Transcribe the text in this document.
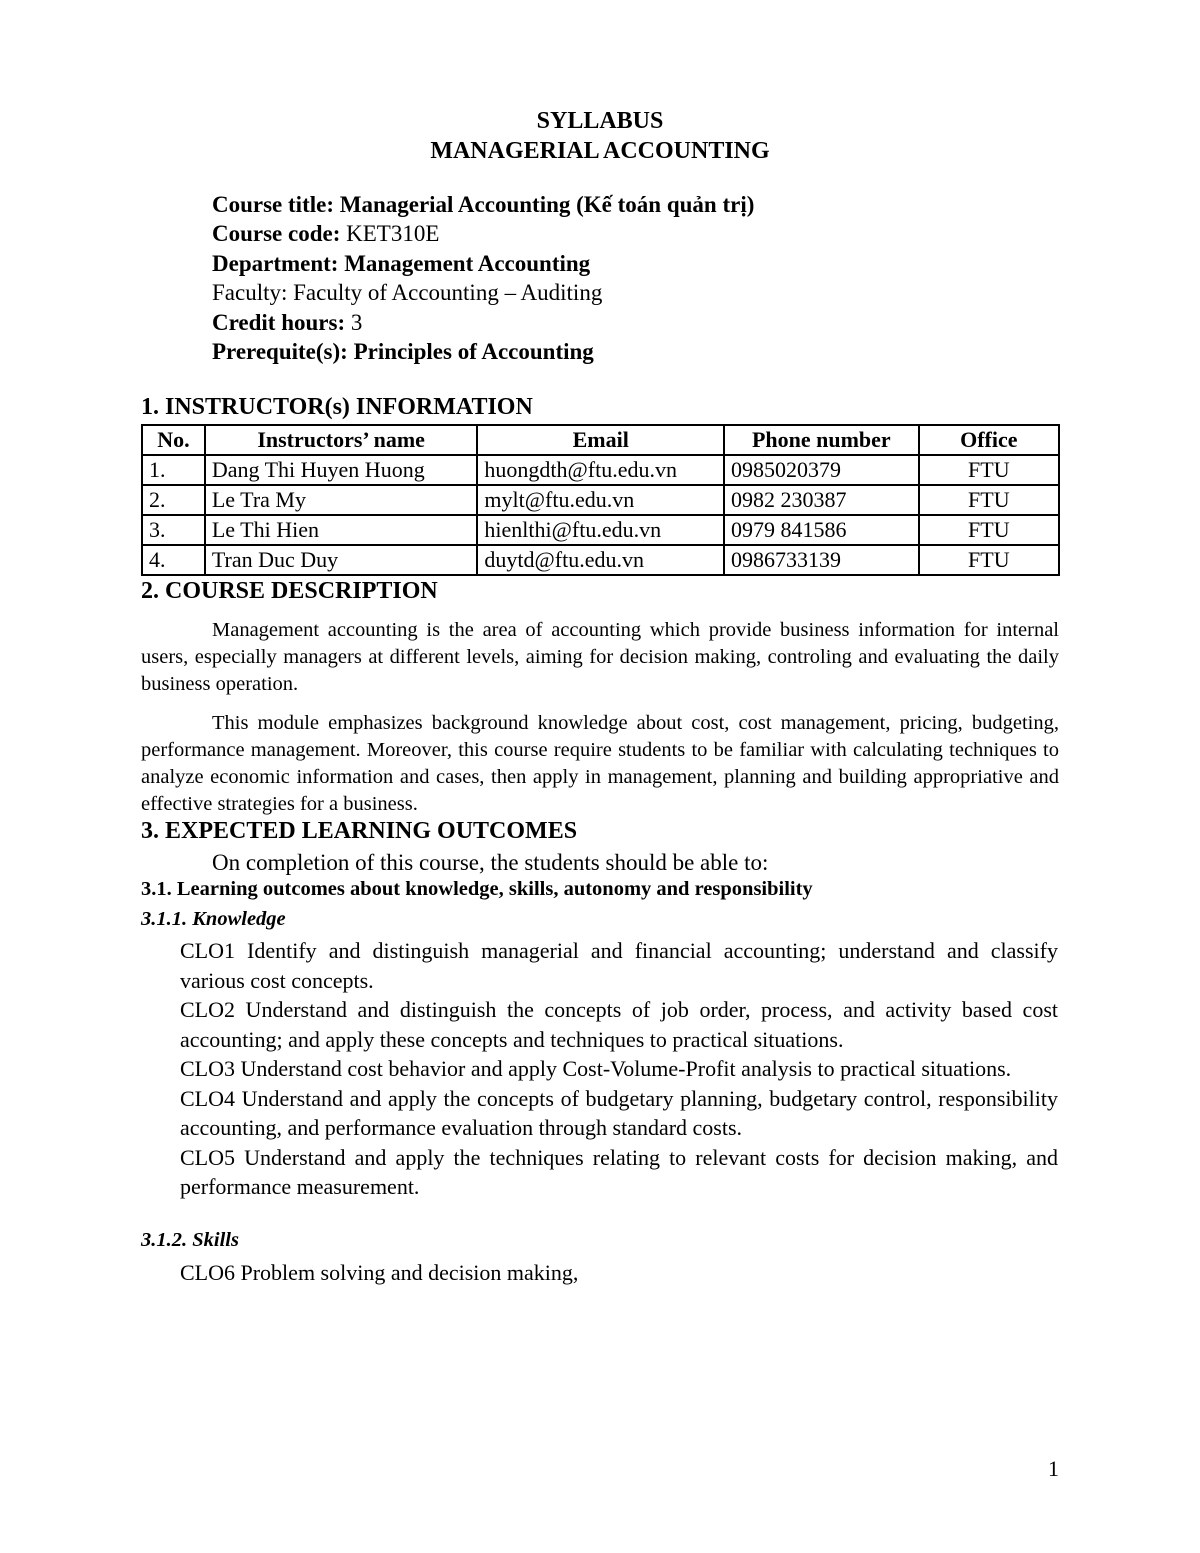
SYLLABUS
MANAGERIAL ACCOUNTING
Course title: Managerial Accounting (Kế toán quản trị)
Course code: KET310E
Department: Management Accounting
Faculty: Faculty of Accounting – Auditing
Credit hours: 3
Prerequite(s): Principles of Accounting
1. INSTRUCTOR(s) INFORMATION
No.	Instructors’ name	Email	Phone number	Office
1.	Dang Thi Huyen Huong	huongdth@ftu.edu.vn	0985020379	FTU
2.	Le Tra My	mylt@ftu.edu.vn	0982 230387	FTU
3.	Le Thi Hien	hienlthi@ftu.edu.vn	0979 841586	FTU
4.	Tran Duc Duy	duytd@ftu.edu.vn	0986733139	FTU
2. COURSE DESCRIPTION

Management accounting is the area of accounting which provide business information for internal users, especially managers at different levels, aiming for decision making, controling and evaluating the daily business operation.

This module emphasizes background knowledge about cost, cost management, pricing, budgeting, performance management. Moreover, this course require students to be familiar with calculating techniques to analyze economic information and cases, then apply in management, planning and building appropriative and effective strategies for a business.

3. EXPECTED LEARNING OUTCOMES
On completion of this course, the students should be able to:
3.1. Learning outcomes about knowledge, skills, autonomy and responsibility
3.1.1. Knowledge

CLO1 Identify and distinguish managerial and financial accounting; understand and classify various cost concepts.

CLO2 Understand and distinguish the concepts of job order, process, and activity based cost accounting; and apply these concepts and techniques to practical situations.

CLO3 Understand cost behavior and apply Cost-Volume-Profit analysis to practical situations.

CLO4 Understand and apply the concepts of budgetary planning, budgetary control, responsibility accounting, and performance evaluation through standard costs.

CLO5 Understand and apply the techniques relating to relevant costs for decision making, and performance measurement.

3.1.2. Skills
CLO6 Problem solving and decision making,
1
